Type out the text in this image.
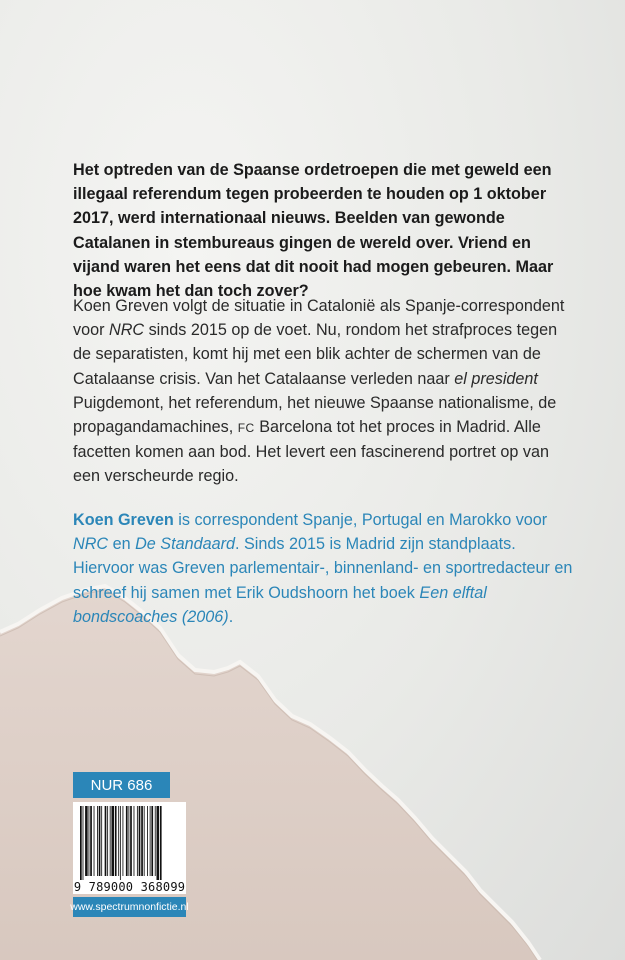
Het optreden van de Spaanse ordetroepen die met geweld een illegaal referendum tegen probeerden te houden op 1 oktober 2017, werd internationaal nieuws. Beelden van gewonde Catalanen in stembureaus gingen de wereld over. Vriend en vijand waren het eens dat dit nooit had mogen gebeuren. Maar hoe kwam het dan toch zover?
Koen Greven volgt de situatie in Catalonië als Spanje-correspondent voor NRC sinds 2015 op de voet. Nu, rondom het strafproces tegen de separatisten, komt hij met een blik achter de schermen van de Catalaanse crisis. Van het Catalaanse verleden naar el president Puigdemont, het referendum, het nieuwe Spaanse nationalisme, de propagandamachines, FC Barcelona tot het proces in Madrid. Alle facetten komen aan bod. Het levert een fascinerend portret op van een verscheurde regio.
Koen Greven is correspondent Spanje, Portugal en Marokko voor NRC en De Standaard. Sinds 2015 is Madrid zijn standplaats. Hiervoor was Greven parlementair-, binnenland- en sportredacteur en schreef hij samen met Erik Oudshoorn het boek Een elftal bondscoaches (2006).
NUR 686
9 789000 368099
www.spectrumnonfictie.nl
